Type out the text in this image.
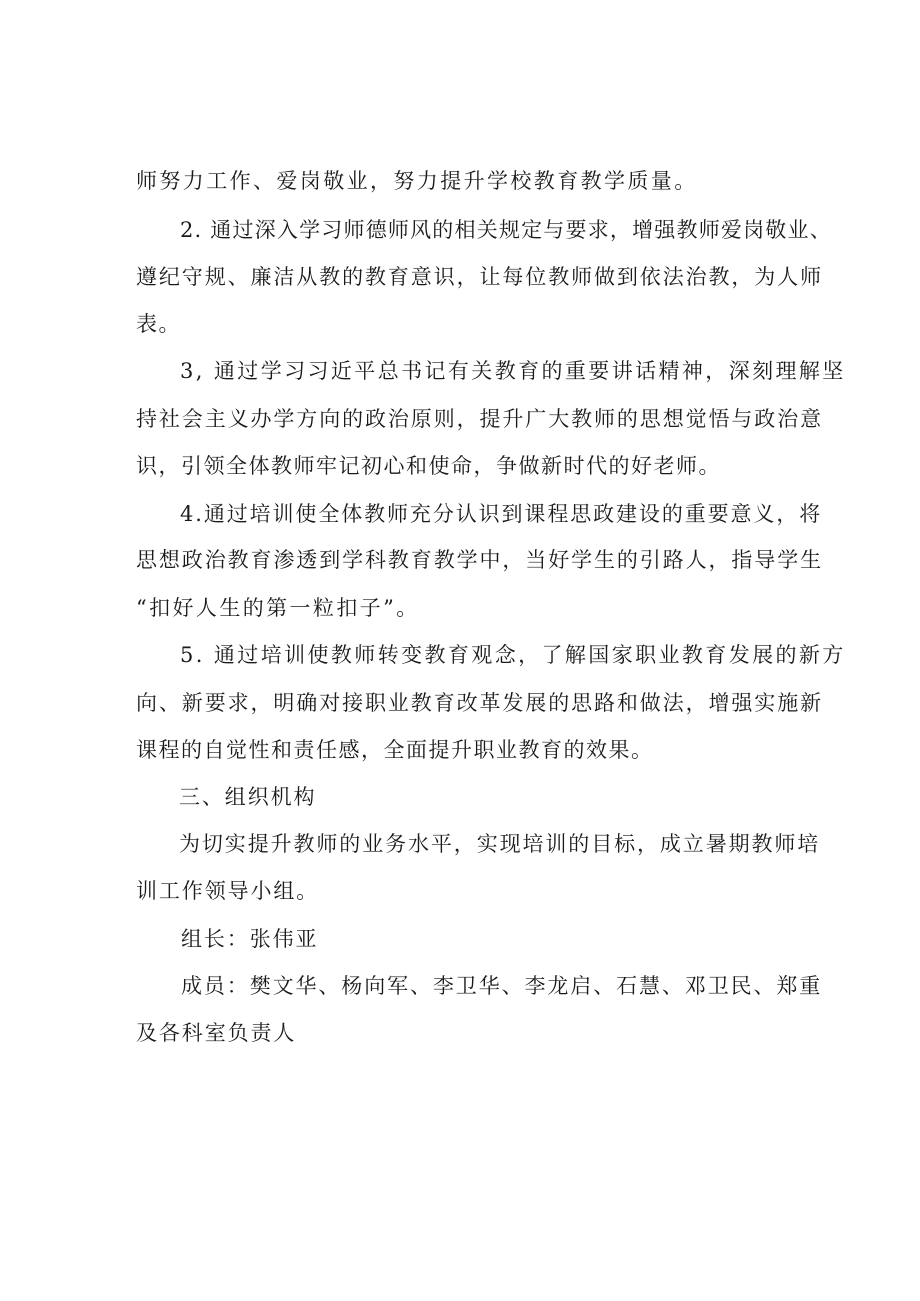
师努力工作、爱岗敬业，努力提升学校教育教学质量。
2. 通过深入学习师德师风的相关规定与要求，增强教师爱岗敬业、
遵纪守规、廉洁从教的教育意识，让每位教师做到依法治教，为人师
表。
3, 通过学习习近平总书记有关教育的重要讲话精神，深刻理解坚
持社会主义办学方向的政治原则，提升广大教师的思想觉悟与政治意
识，引领全体教师牢记初心和使命，争做新时代的好老师。
4.通过培训使全体教师充分认识到课程思政建设的重要意义，将
思想政治教育渗透到学科教育教学中，当好学生的引路人，指导学生
“扣好人生的第一粒扣子”。
5. 通过培训使教师转变教育观念，了解国家职业教育发展的新方
向、新要求，明确对接职业教育改革发展的思路和做法，增强实施新
课程的自觉性和责任感，全面提升职业教育的效果。
三、组织机构
为切实提升教师的业务水平，实现培训的目标，成立暑期教师培
训工作领导小组。
组长：张伟亚
成员：樊文华、杨向军、李卫华、李龙启、石慧、邓卫民、郑重
及各科室负责人
